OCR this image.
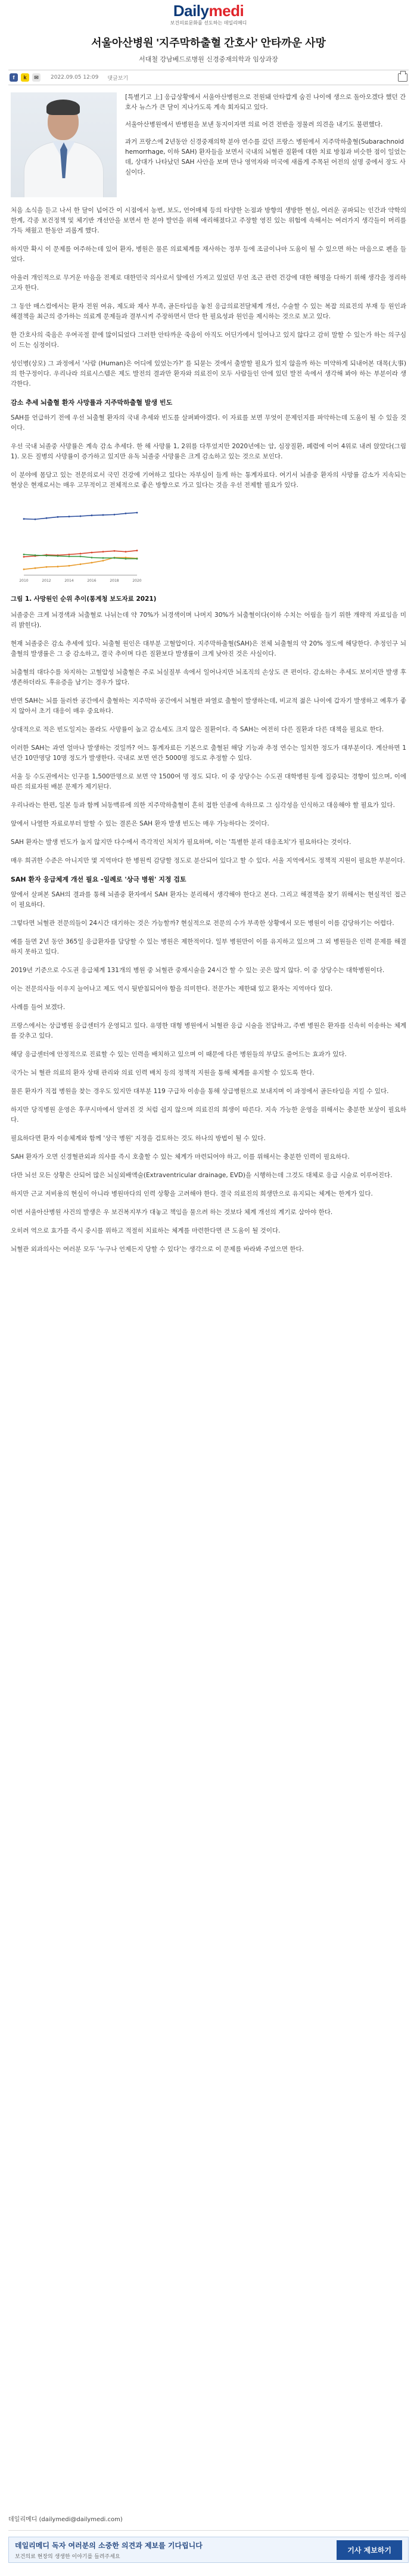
Dailymedi
보건의료문화를 선도하는 데일리메디
서울아산병원 '지주막하출혈 간호사' 안타까운 사망
서대철 강남베드로병원 신경중재의학과 임상과장
f	k	✉	2022.09.05 12:09 댓글보기

[특별기고 上] 응급상황에서 서울아산병원으로 전원돼 안타깝게 숨진 나이에 생으로 돌아오겠다 했던 간호사 뉴스가 큰 달이 지나가도록 계속 회자되고 있다.

서울아산병원에서 반병원을 보낸 동지이자면 의료 어견 전반을 정물려 의견을 내기도 불편했다.

과거 프랑스에 2년동안 신경중재의학 분야 연수를 갔던 프랑스 병원에서 지주막하출혈(Subarachnoid hemorrhage, 이하 SAH) 환자들을 보면서 국내의 뇌혈관 질환에 대한 치료 방침과 비슷한 점이 일었는데, 상대가 나타났던 SAH 사안을 보며 만나 영역자와 미국에 새롭게 주목된 어전의 설명 중에서 장도 사실이다.

처음 소식을 듣고 나서 한 달이 넘어간 이 시점에서 농번, 보도, 언어매체 등의 타양한 논점과 방향의 생방한 현실, 여러운 공파되는 인간과 약학의 한계, 각종 보건정책 및 체기반 개선안을 보면서 한 분야 발언을 위해 애리해졌다고 주장할 영진 있는 위험에 속해서는 여러가지 생각들이 머리를 가득 채웠고 한동안 괴롭게 했다.

하지만 확시 이 문제를 여주하는데 있어 환자, 병원은 물론 의료체계를 재사하는 정부 등에 조금이나마 도움이 될 수 있으면 하는 마음으로 펜을 들었다.

아울러 개인적으로 무거운 마음을 전제로 대한민국 의사로서 앞에선 가져고 있었던 무언 조근 관련 건강에 대한 해명을 다하기 위해 생각을 정리하고자 한다.

그 동안 매스컴에서는 환자 전원 여유, 제도와 재사 부족, 골든타임을 놓친 응급의료전달체계 개선, 수술할 수 있는 복잡 의료진의 부재 등 원인과 해결책을 최근의 증가하는 의료계 문제들과 결부시켜 주장하면서 만다 한 필요성과 원인을 제시하는 것으로 보고 있다.

한 간호사의 죽음은 우여곡절 끝에 많이되었다 그러한 안타까운 죽음이 아직도 어딘가에서 일어나고 있지 않다고 감히 말할 수 있는가 하는 의구심이 드는 심정이다.

성인병(상모) 그 과정에서 '사람 (Human)은 어디에 있었는가?' 를 되묻는 것에서 출발할 필요가 있지 않을까 하는 미약하게 되내어본 대목(大事)의 한구정이다. 우리나라 의료시스템은 제도 발전의 결과만 환자와 의료진이 모두 사람들인 안에 있던 발전 속에서 생각해 봐야 하는 부분이라 생각한다.

감소 추세 뇌출혈 환자 사망률과 지주막하출혈 발생 빈도

SAH를 언급하기 전에 우선 뇌출혈 환자의 국내 추세와 빈도를 살펴봐야겠다. 이 자료를 보면 무엇이 문제인지를 파악하는데 도움이 될 수 있을 것이다.

우선 국내 뇌졸중 사망률은 계속 감소 추세다. 한 해 사망률 1, 2위를 다투었지만 2020년에는 암, 심장질환, 폐렴에 이어 4위로 내려 앉았다(그림 1). 모든 질병의 사망률이 증가하고 있지만 유독 뇌졸중 사망률은 크게 감소하고 있는 것으로 보인다.

이 분야에 몸담고 있는 전문의로서 국민 건강에 기여하고 있다는 자부심이 들게 하는 통계자료다. 여기서 뇌졸중 환자의 사망률 감소가 지속되는 현상은 현재로서는 매우 고무적이고 전체적으로 좋은 방향으로 가고 있다는 것을 우선 전제할 필요가 있다.

2010	2012	2014	2016	2018	2020
그림 1. 사망원인 순위 추이(통계청 보도자료 2021)

뇌졸중은 크게 뇌경색과 뇌출혈로 나뉘는데 약 70%가 뇌경색이며 나머지 30%가 뇌출혈이다(이하 수치는 어림을 들기 위한 개략적 자료임을 미리 밝힌다).

현재 뇌졸중은 감소 추세에 있다. 뇌출혈 원인은 대부분 고혈압이다. 지주막하출혈(SAH)은 전체 뇌출혈의 약 20% 정도에 해당한다. 추정인구 뇌출혈의 발생률은 그 중 감소하고, 결국 추이며 다른 질환보다 발생률이 크게 낮아진 것은 사실이다.

뇌출혈의 대다수를 차지하는 고혈압성 뇌출혈은 주로 뇌실질부 속에서 일어나지만 뇌조직의 손상도 큰 편이다. 감소하는 추세도 보이지만 발생 후 생존하더라도 후유증을 남기는 경우가 많다.

반면 SAH는 뇌를 둘러싼 공간에서 출혈하는 지주막하 공간에서 뇌혈관 파열로 출혈이 발생하는데, 비교적 젊은 나이에 갑자기 발생하고 예후가 좋지 않아서 초기 대응이 매우 중요하다.

상대적으로 적은 빈도일지는 몰라도 사망률이 높고 감소세도 크지 않은 질환이다. 즉 SAH는 여전히 다른 질환과 다른 대책을 필요로 한다.

이러한 SAH는 과연 얼마나 발생하는 것일까? 어느 통계자료든 기본으로 출혈된 해당 기능과 추정 연수는 일치한 정도가 대부분이다. 계산하면 1년간 10만명당 10명 정도가 발생한다. 국내로 보면 연간 5000명 정도로 추정할 수 있다.

서울 등 수도권에서는 인구를 1,500만명으로 보면 약 1500여 명 정도 되다. 이 중 상당수는 수도권 대학병원 등에 집중되는 경향이 있으며, 이에 따른 의료자원 배분 문제가 제기된다.

우리나라는 한편, 일본 등과 함께 뇌동맥류에 의한 지주막하출혈이 흔히 접한 인종에 속하므로 그 심각성을 인식하고 대응해야 할 필요가 있다.

앞에서 나열한 자료로부터 말할 수 있는 결론은 SAH 환자 발생 빈도는 매우 가능하다는 것이다.

SAH 환자는 발생 빈도가 높지 않지만 다수에서 즉각적인 처치가 필요하며, 이는 '특별한 분리 대응조치'가 필요하다는 것이다.

매우 희귀한 수준은 아니지만 몇 지역마다 한 병원씩 감당할 정도로 분산되어 있다고 할 수 있다. 서울 지역에서도 정책적 지원이 필요한 부분이다.

SAH 환자 응급체계 개선 필요 -일례로 '상극 병원' 지정 검토

앞에서 살펴본 SAH의 결과를 통해 뇌졸중 환자에서 SAH 환자는 분리해서 생각해야 한다고 본다. 그리고 해결책을 찾기 위해서는 현실적인 접근이 필요하다.

그렇다면 뇌혈관 전문의들이 24시간 대기하는 것은 가능할까? 현실적으로 전문의 수가 부족한 상황에서 모든 병원이 이를 감당하기는 어렵다.

예를 들면 2년 동안 365일 응급환자를 담당할 수 있는 병원은 제한적이다. 일부 병원만이 이를 유지하고 있으며 그 외 병원들은 인력 문제를 해결하지 못하고 있다.

2019년 기준으로 수도권 응급체계 131개의 병원 중 뇌혈관 중재시술을 24시간 할 수 있는 곳은 많지 않다. 이 중 상당수는 대학병원이다.

이는 전문의사들 이우지 늘어나고 제도 역시 뒷받침되어야 함을 의미한다. 전문가는 제한돼 있고 환자는 지역마다 있다.

사례를 들어 보겠다.

프랑스에서는 상급병원 응급센터가 운영되고 있다. 유명한 대형 병원에서 뇌혈관 응급 시술을 전담하고, 주변 병원은 환자를 신속히 이송하는 체계를 갖추고 있다.

해당 응급센터에 안정적으로 진료할 수 있는 인력을 배치하고 있으며 이 때문에 다른 병원들의 부담도 줄어드는 효과가 있다.

국가는 뇌 혈관 의료의 환자 상태 관리와 의료 인력 배치 등의 정책적 지원을 통해 체계를 유지할 수 있도록 한다.

물론 환자가 직접 병원을 찾는 경우도 있지만 대부분 119 구급차 이송을 통해 상급병원으로 보내지며 이 과정에서 골든타임을 지킬 수 있다.

하지만 당직병원 운영은 후쿠시마에서 알려진 것 처럼 쉽지 않으며 의료진의 희생이 따른다. 지속 가능한 운영을 위해서는 충분한 보상이 필요하다.

필요하다면 환자 이송체계와 함께 '상극 병원' 지정을 검토하는 것도 하나의 방법이 될 수 있다.

SAH 환자가 오면 신경혈관외과 의사를 즉시 호출할 수 있는 체계가 마련되어야 하고, 이를 위해서는 충분한 인력이 필요하다.

다만 뇌선 모든 상황은 산되어 많은 뇌실외배액술(Extraventricular drainage, EVD)을 시행하는데 그것도 대체로 응급 시술로 이루어진다.

하지만 근교 저비용의 현실이 아니라 병원마다의 인력 상황을 고려해야 한다. 결국 의료진의 희생만으로 유지되는 체계는 한계가 있다.

이번 서울아산병원 사건의 발생은 우 보건복지부가 대놓고 책임을 물으려 하는 것보다 체계 개선의 계기로 삼아야 한다.

오히려 역으로 효가를 즉시 중시를 위하고 적절히 치료하는 체계를 마련한다면 큰 도움이 될 것이다.

뇌혈관 외과의사는 여러분 모두 '누구나 언제든지 당할 수 있다'는 생각으로 이 문제를 바라봐 주었으면 한다.

데일리메디 (dailymedi@dailymedi.com)
데일리메디 독자 여러분의 소중한 의견과 제보를 기다립니다
보건의료 현장의 생생한 이야기를 들려주세요
기사 제보하기
